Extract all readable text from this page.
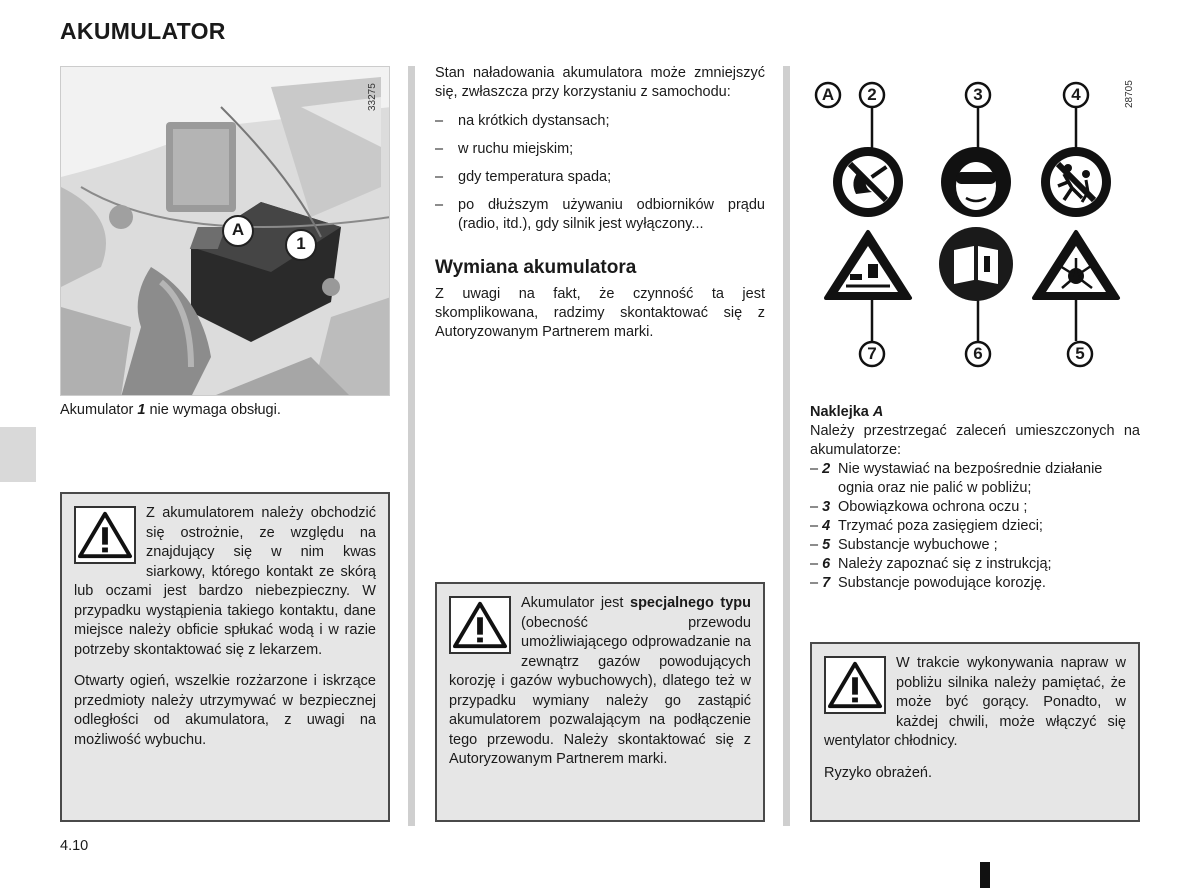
AKUMULATOR
A
1
33275
Akumulator 1 nie wymaga obsługi.

Z akumulatorem należy obchodzić się ostrożnie, ze względu na znajdujący się w nim kwas siarkowy, którego kontakt ze skórą lub oczami jest bardzo niebezpieczny. W przypadku wystąpienia takiego kontaktu, dane miejsce należy obficie spłukać wodą i w razie potrzeby skontaktować się z lekarzem.

Otwarty ogień, wszelkie rozżarzone i iskrzące przedmioty należy utrzymywać w bezpiecznej odległości od akumulatora, z uwagi na możliwość wybuchu.

Stan naładowania akumulatora może zmniejszyć się, zwłaszcza przy korzystaniu z samochodu:

–	na krótkich dystansach;
–	w ruchu miejskim;
–	gdy temperatura spada;
–	po dłuższym używaniu odbiorników prądu (radio, itd.), gdy silnik jest wyłączony...
Wymiana akumulatora

Z uwagi na fakt, że czynność ta jest skomplikowana, radzimy skontaktować się z Autoryzowanym Partnerem marki.

Akumulator jest specjalnego typu (obecność przewodu umożliwiającego odprowadzanie na zewnątrz gazów powodujących korozję i gazów wybuchowych), dlatego też w przypadku wymiany należy go zastąpić akumulatorem pozwalającym na podłączenie tego przewodu. Należy skontaktować się z Autoryzowanym Partnerem marki.

A	2	3	4
7	6	5
28705
Naklejka A
Należy przestrzegać zaleceń umieszczonych na akumulatorze:
– 2 Nie wystawiać na bezpośrednie działanie ognia oraz nie palić w pobliżu;
– 3 Obowiązkowa ochrona oczu ;
– 4 Trzymać poza zasięgiem dzieci;
– 5 Substancje wybuchowe ;
– 6 Należy zapoznać się z instrukcją;
– 7 Substancje powodujące korozję.

W trakcie wykonywania napraw w pobliżu silnika należy pamiętać, że może być gorący. Ponadto, w każdej chwili, może włączyć się wentylator chłodnicy.

Ryzyko obrażeń.

4.10
